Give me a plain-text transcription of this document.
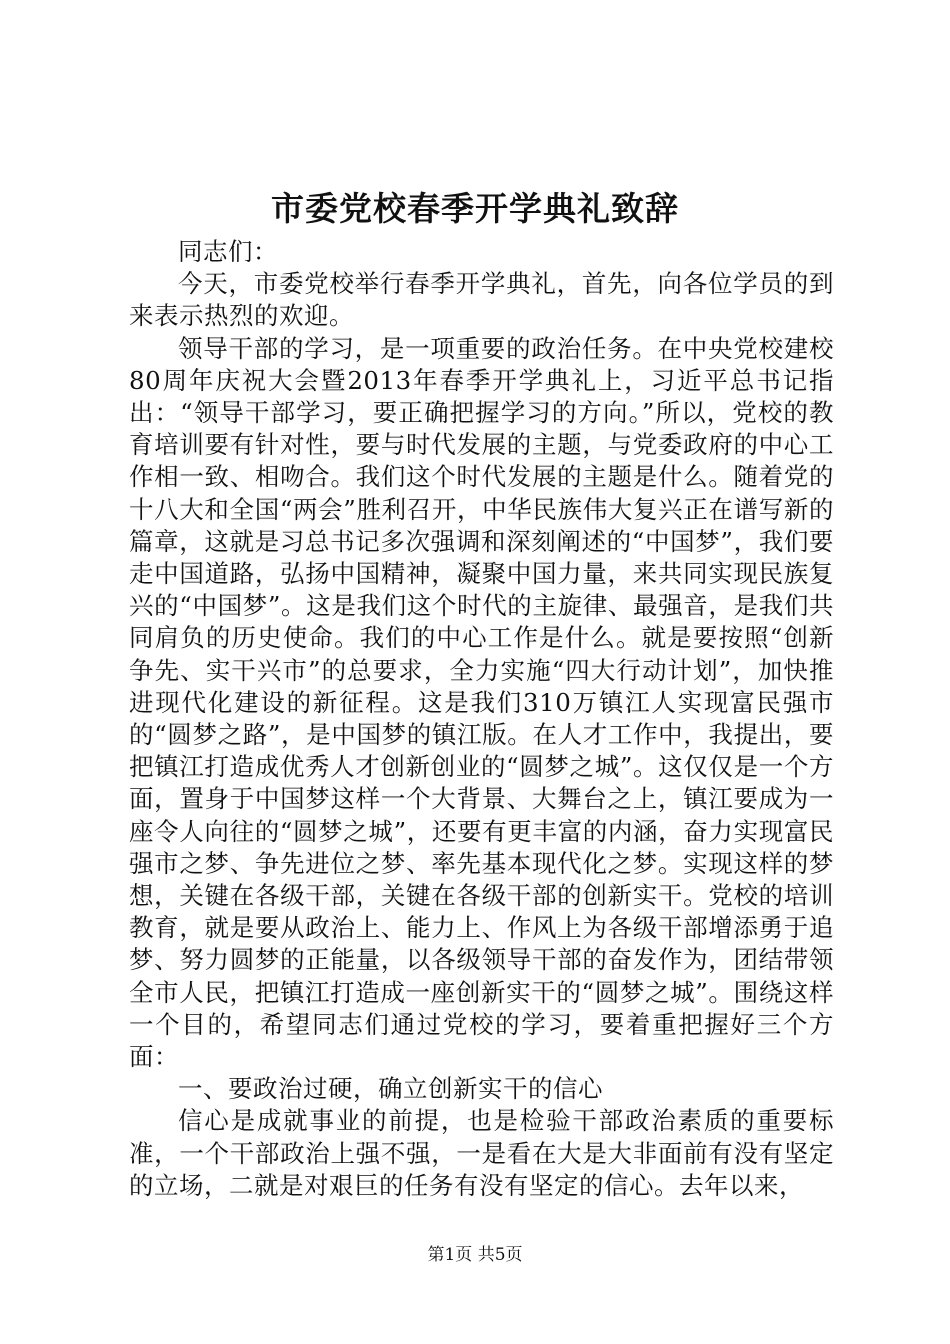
市委党校春季开学典礼致辞

同志们：

今天，市委党校举行春季开学典礼，首先，向各位学员的到来表示热烈的欢迎。

领导干部的学习，是一项重要的政治任务。在中央党校建校80周年庆祝大会暨2013年春季开学典礼上，习近平总书记指出：“领导干部学习，要正确把握学习的方向。”所以，党校的教育培训要有针对性，要与时代发展的主题，与党委政府的中心工作相一致、相吻合。我们这个时代发展的主题是什么。随着党的十八大和全国“两会”胜利召开，中华民族伟大复兴正在谱写新的篇章，这就是习总书记多次强调和深刻阐述的“中国梦”，我们要走中国道路，弘扬中国精神，凝聚中国力量，来共同实现民族复兴的“中国梦”。这是我们这个时代的主旋律、最强音，是我们共同肩负的历史使命。我们的中心工作是什么。就是要按照“创新争先、实干兴市”的总要求，全力实施“四大行动计划”，加快推进现代化建设的新征程。这是我们310万镇江人实现富民强市的“圆梦之路”，是中国梦的镇江版。在人才工作中，我提出，要把镇江打造成优秀人才创新创业的“圆梦之城”。这仅仅是一个方面，置身于中国梦这样一个大背景、大舞台之上，镇江要成为一座令人向往的“圆梦之城”，还要有更丰富的内涵，奋力实现富民强市之梦、争先进位之梦、率先基本现代化之梦。实现这样的梦想，关键在各级干部，关键在各级干部的创新实干。党校的培训教育，就是要从政治上、能力上、作风上为各级干部增添勇于追梦、努力圆梦的正能量，以各级领导干部的奋发作为，团结带领全市人民，把镇江打造成一座创新实干的“圆梦之城”。围绕这样一个目的，希望同志们通过党校的学习，要着重把握好三个方面：

一、要政治过硬，确立创新实干的信心

信心是成就事业的前提，也是检验干部政治素质的重要标准，一个干部政治上强不强，一是看在大是大非面前有没有坚定的立场，二就是对艰巨的任务有没有坚定的信心。去年以来，

第1页 共5页
